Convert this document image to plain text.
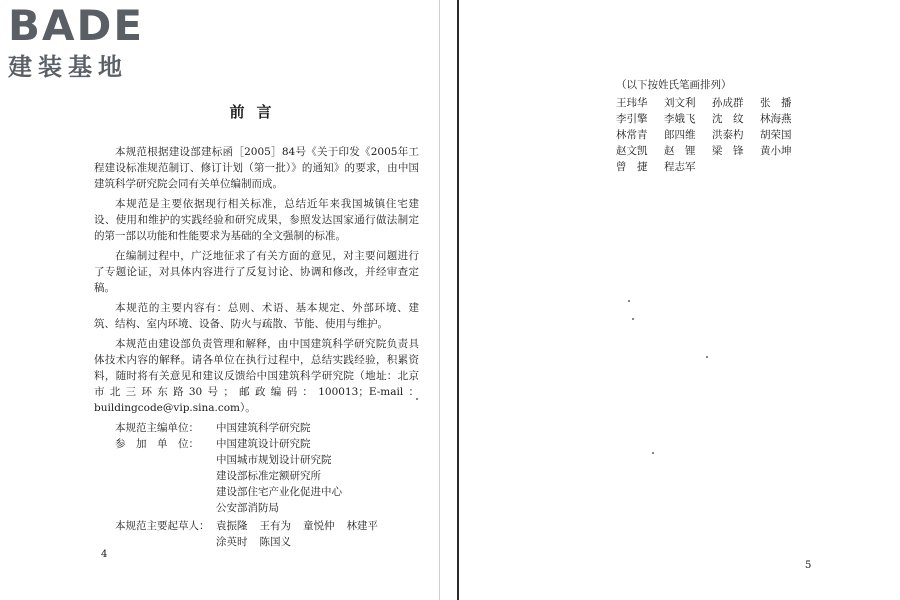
BADE
建装基地
前言

本规范根据建设部建标函［2005］84号《关于印发《2005年工程建设标准规范制订、修订计划（第一批）》的通知》的要求，由中国建筑科学研究院会同有关单位编制而成。

本规范是主要依据现行相关标准，总结近年来我国城镇住宅建设、使用和维护的实践经验和研究成果，参照发达国家通行做法制定的第一部以功能和性能要求为基础的全文强制的标准。

在编制过程中，广泛地征求了有关方面的意见，对主要问题进行了专题论证，对具体内容进行了反复讨论、协调和修改，并经审查定稿。

本规范的主要内容有：总则、术语、基本规定、外部环境、建筑、结构、室内环境、设备、防火与疏散、节能、使用与维护。

本规范由建设部负责管理和解释，由中国建筑科学研究院负责具体技术内容的解释。请各单位在执行过程中，总结实践经验，积累资料，随时将有关意见和建议反馈给中国建筑科学研究院（地址：北京市北三环东路30号；邮政编码：100013；E-mail：buildingcode@vip.sina.com）。

本规范主编单位：	中国建筑科学研究院
参　加　单　位：	中国建筑设计研究院
中国城市规划设计研究院
建设部标准定额研究所
建设部住宅产业化促进中心
公安部消防局
本规范主要起草人： 袁振隆 王有为 童悦仲 林建平
涂英时 陈国义
4
（以下按姓氏笔画排列）
王玮华	刘文利	孙成群	张　播
李引擎	李娥飞	沈　纹	林海燕
林常青	郎四维	洪泰杓	胡荣国
赵文凯	赵　锂	梁　锋	黄小坤
曾　捷	程志军
5
